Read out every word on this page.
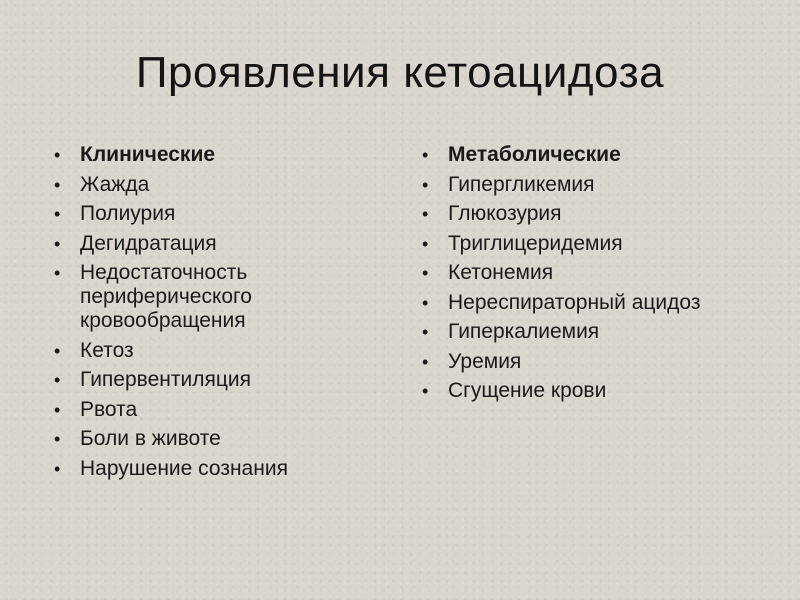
Проявления кетоацидоза
• Клинические
• Жажда
• Полиурия
• Дегидратация
• Недостаточность периферического кровообращения
• Кетоз
• Гипервентиляция
• Рвота
• Боли в животе
• Нарушение сознания
• Метаболические
• Гипергликемия
• Глюкозурия
• Триглицеридемия
• Кетонемия
• Нереспираторный ацидоз
• Гиперкалиемия
• Уремия
• Сгущение крови
